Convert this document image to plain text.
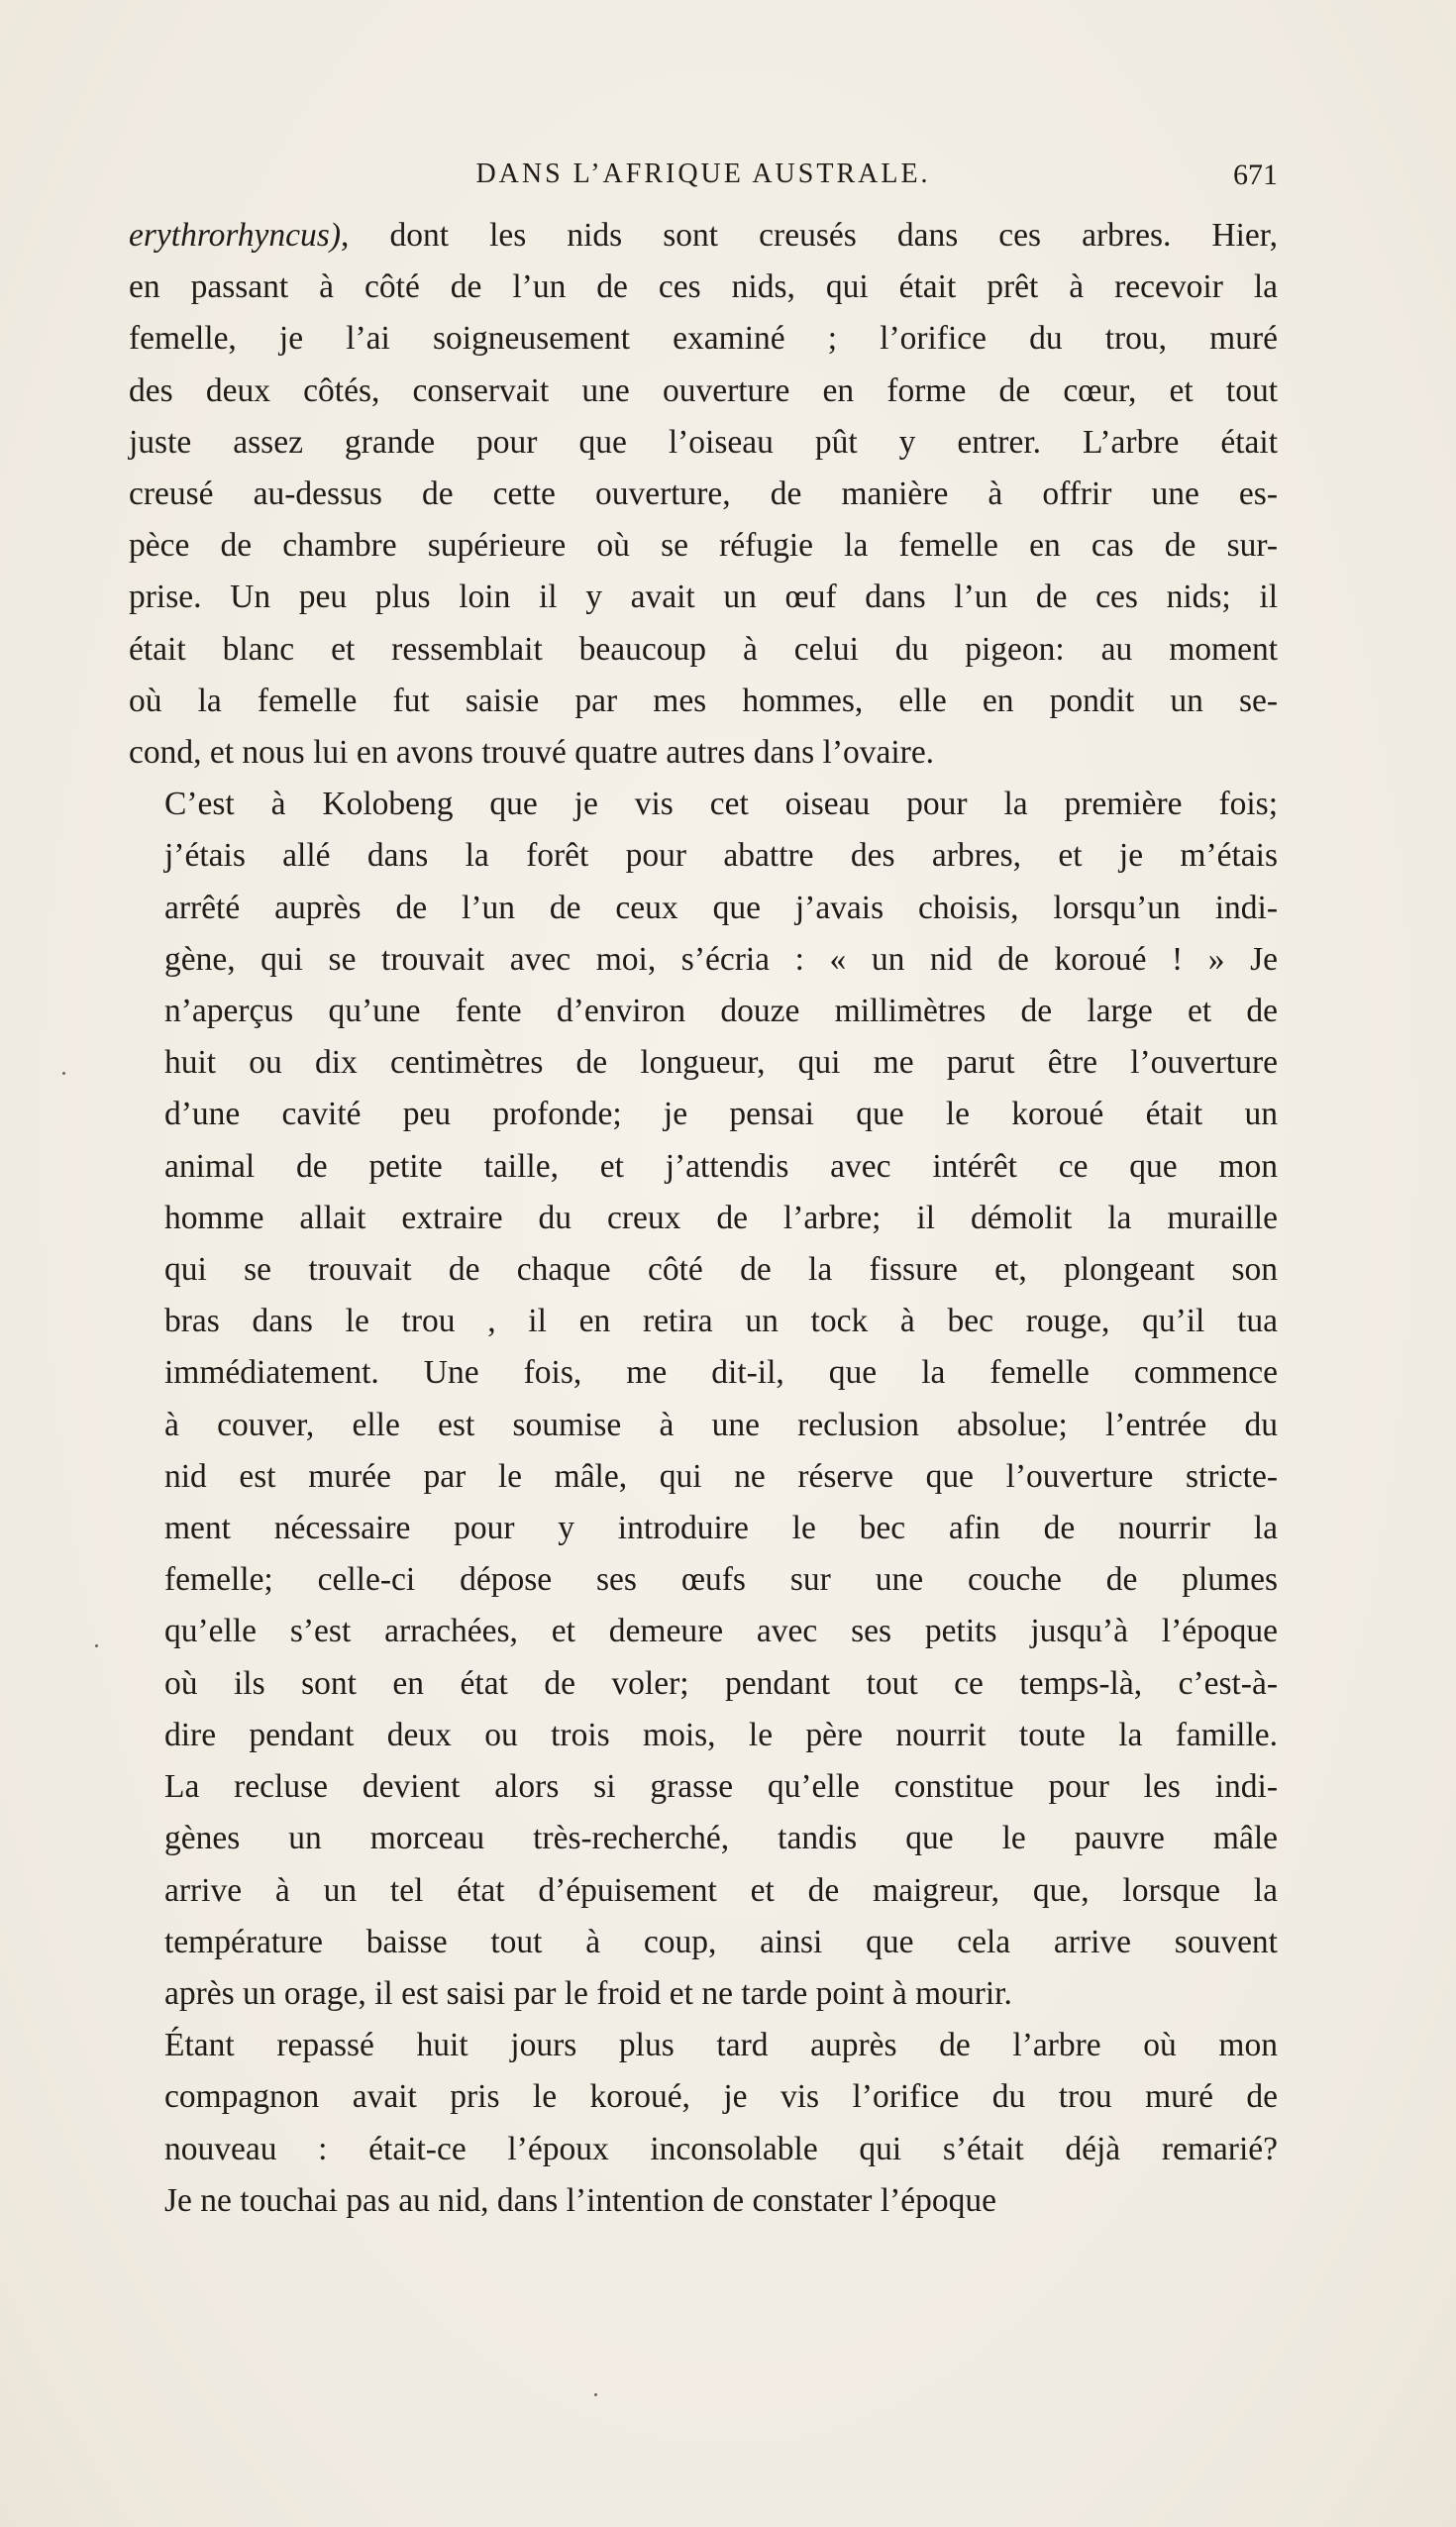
DANS L’AFRIQUE AUSTRALE.	671

erythrorhyncus), dont les nids sont creusés dans ces arbres. Hier,
en passant à côté de l’un de ces nids, qui était prêt à recevoir la
femelle, je l’ai soigneusement examiné ; l’orifice du trou, muré
des deux côtés, conservait une ouverture en forme de cœur, et tout
juste assez grande pour que l’oiseau pût y entrer. L’arbre était
creusé au-dessus de cette ouverture, de manière à offrir une es-
pèce de chambre supérieure où se réfugie la femelle en cas de sur-
prise. Un peu plus loin il y avait un œuf dans l’un de ces nids; il
était blanc et ressemblait beaucoup à celui du pigeon: au moment
où la femelle fut saisie par mes hommes, elle en pondit un se-
cond, et nous lui en avons trouvé quatre autres dans l’ovaire.

C’est à Kolobeng que je vis cet oiseau pour la première fois;
j’étais allé dans la forêt pour abattre des arbres, et je m’étais
arrêté auprès de l’un de ceux que j’avais choisis, lorsqu’un indi-
gène, qui se trouvait avec moi, s’écria : « un nid de koroué ! » Je
n’aperçus qu’une fente d’environ douze millimètres de large et de
huit ou dix centimètres de longueur, qui me parut être l’ouverture
d’une cavité peu profonde; je pensai que le koroué était un
animal de petite taille, et j’attendis avec intérêt ce que mon
homme allait extraire du creux de l’arbre; il démolit la muraille
qui se trouvait de chaque côté de la fissure et, plongeant son
bras dans le trou , il en retira un tock à bec rouge, qu’il tua
immédiatement. Une fois, me dit-il, que la femelle commence
à couver, elle est soumise à une reclusion absolue; l’entrée du
nid est murée par le mâle, qui ne réserve que l’ouverture stricte-
ment nécessaire pour y introduire le bec afin de nourrir la
femelle; celle-ci dépose ses œufs sur une couche de plumes
qu’elle s’est arrachées, et demeure avec ses petits jusqu’à l’époque
où ils sont en état de voler; pendant tout ce temps-là, c’est-à-
dire pendant deux ou trois mois, le père nourrit toute la famille.
La recluse devient alors si grasse qu’elle constitue pour les indi-
gènes un morceau très-recherché, tandis que le pauvre mâle
arrive à un tel état d’épuisement et de maigreur, que, lorsque la
température baisse tout à coup, ainsi que cela arrive souvent
après un orage, il est saisi par le froid et ne tarde point à mourir.

Étant repassé huit jours plus tard auprès de l’arbre où mon
compagnon avait pris le koroué, je vis l’orifice du trou muré de
nouveau : était-ce l’époux inconsolable qui s’était déjà remarié?
Je ne touchai pas au nid, dans l’intention de constater l’époque
